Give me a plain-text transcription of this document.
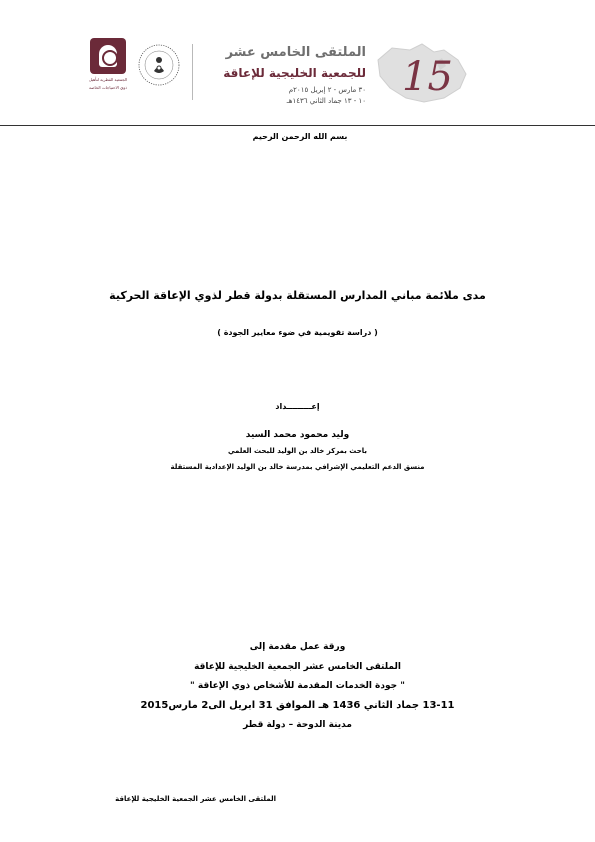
الجمعية القطرية لتأهيل
ذوي الاحتياجات الخاصة
الملتقى الخامس عشر
للجمعية الخليجية للإعاقة
٣٠ مارس - ٢ إبريل ٢٠١٥م
١٠ - ١٣ جماد الثاني ١٤٣٦هـ
15
بسم الله الرحمن الرحيم
مدى ملائمة مباني المدارس المستقلة بدولة قطر لذوي الإعاقة الحركية
( دراسة تقويمية في ضوء معايير الجودة )
إعـــــــــداد
وليد محمود محمد السيد
باحث بمركز خالد بن الوليد للبحث العلمي
منسق الدعم التعليمي الإشرافي بمدرسة خالد بن الوليد الإعدادية المستقلة
ورقة عمل مقدمة إلى
الملتقى الخامس عشر الجمعية الخليجية للإعاقة
" جودة الخدمات المقدمة للأشخاص ذوي الإعاقة "
13-11 جماد الثاني 1436 هـ الموافق 31 ابريل الى2 مارس2015
مدينة الدوحة – دولة قطر
الملتقى الخامس عشر الجمعية الخليجية للإعاقة
